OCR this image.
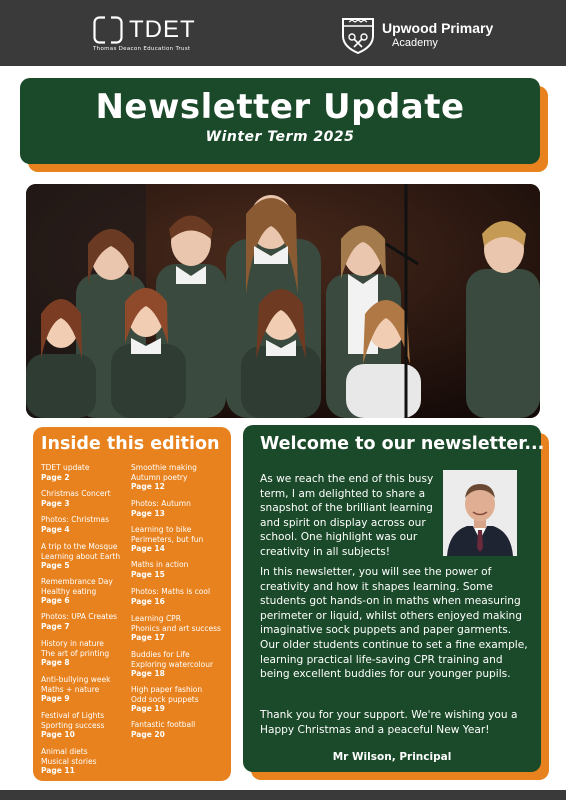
TDET
Thomas Deacon Education Trust
Upwood Primary
Academy
Newsletter Update
Winter Term 2025
Inside this edition
TDET update
Page 2
Christmas Concert
Page 3
Photos: Christmas
Page 4
A trip to the Mosque
Learning about Earth
Page 5
Remembrance Day
Healthy eating
Page 6
Photos: UPA Creates
Page 7
History in nature
The art of printing
Page 8
Anti-bullying week
Maths + nature
Page 9
Festival of Lights
Sporting success
Page 10
Animal diets
Musical stories
Page 11
Smoothie making
Autumn poetry
Page 12
Photos: Autumn
Page 13
Learning to bike
Perimeters, but fun
Page 14
Maths in action
Page 15
Photos: Maths is cool
Page 16
Learning CPR
Phonics and art success
Page 17
Buddies for Life
Exploring watercolour
Page 18
High paper fashion
Odd sock puppets
Page 19
Fantastic football
Page 20
Welcome to our newsletter...

As we reach the end of this busy term, I am delighted to share a snapshot of the brilliant learning and spirit on display across our school. One highlight was our creativity in all subjects!

In this newsletter, you will see the power of creativity and how it shapes learning. Some students got hands-on in maths when measuring perimeter or liquid, whilst others enjoyed making imaginative sock puppets and paper garments. Our older students continue to set a fine example, learning practical life-saving CPR training and being excellent buddies for our younger pupils.

Thank you for your support. We're wishing you a Happy Christmas and a peaceful New Year!

Mr Wilson, Principal
